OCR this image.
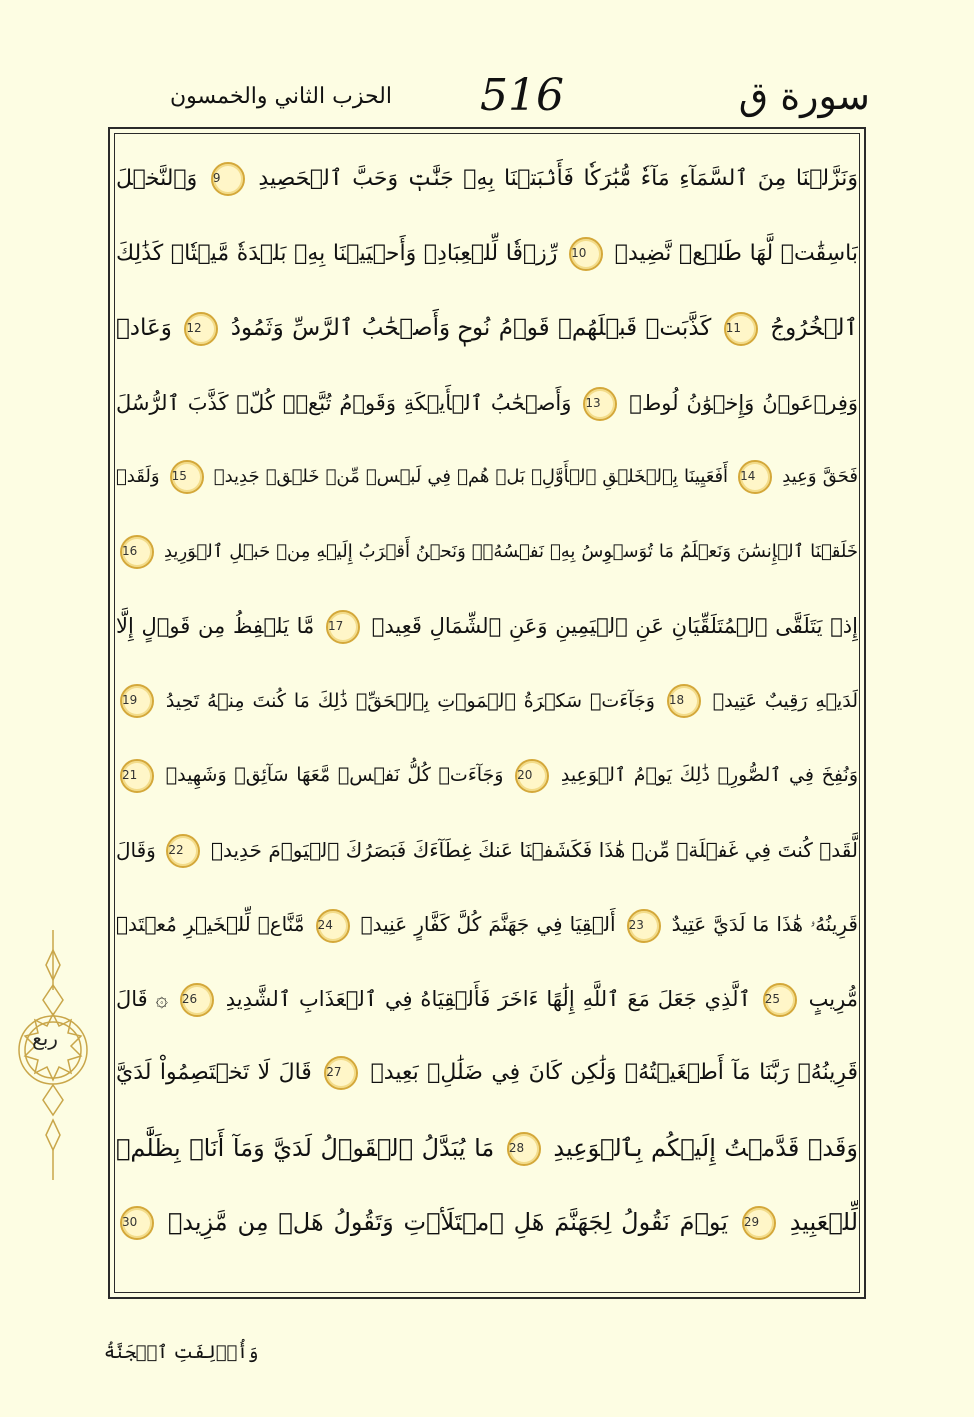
الحزب الثاني والخمسون 516	سورة ق
وَنَزَّلۡنَا مِنَ ٱلسَّمَآءِ مَآءٗ مُّبَٰرَكٗا فَأَنۢبَتۡنَا بِهِۦ جَنَّٰتٖ وَحَبَّ ٱلۡحَصِيدِ 9 وَٱلنَّخۡلَ
بَاسِقَٰتٖ لَّهَا طَلۡعٞ نَّضِيدٞ 10 رِّزۡقٗا لِّلۡعِبَادِۖ وَأَحۡيَيۡنَا بِهِۦ بَلۡدَةٗ مَّيۡتٗاۚ كَذَٰلِكَ
ٱلۡخُرُوجُ 11 كَذَّبَتۡ قَبۡلَهُمۡ قَوۡمُ نُوحٖ وَأَصۡحَٰبُ ٱلرَّسِّ وَثَمُودُ 12 وَعَادٞ
وَفِرۡعَوۡنُ وَإِخۡوَٰنُ لُوطٖ 13 وَأَصۡحَٰبُ ٱلۡأَيۡكَةِ وَقَوۡمُ تُبَّعٖۚ كُلّٞ كَذَّبَ ٱلرُّسُلَ
فَحَقَّ وَعِيدِ 14 أَفَعَيِينَا بِٱلۡخَلۡقِ ٱلۡأَوَّلِۚ بَلۡ هُمۡ فِي لَبۡسٖ مِّنۡ خَلۡقٖ جَدِيدٖ 15 وَلَقَدۡ
خَلَقۡنَا ٱلۡإِنسَٰنَ وَنَعۡلَمُ مَا تُوَسۡوِسُ بِهِۦ نَفۡسُهُۥۖ وَنَحۡنُ أَقۡرَبُ إِلَيۡهِ مِنۡ حَبۡلِ ٱلۡوَرِيدِ 16
إِذۡ يَتَلَقَّى ٱلۡمُتَلَقِّيَانِ عَنِ ٱلۡيَمِينِ وَعَنِ ٱلشِّمَالِ قَعِيدٞ 17 مَّا يَلۡفِظُ مِن قَوۡلٍ إِلَّا
لَدَيۡهِ رَقِيبٌ عَتِيدٞ 18 وَجَآءَتۡ سَكۡرَةُ ٱلۡمَوۡتِ بِٱلۡحَقِّۖ ذَٰلِكَ مَا كُنتَ مِنۡهُ تَحِيدُ 19
وَنُفِخَ فِي ٱلصُّورِۚ ذَٰلِكَ يَوۡمُ ٱلۡوَعِيدِ 20 وَجَآءَتۡ كُلُّ نَفۡسٖ مَّعَهَا سَآئِقٞ وَشَهِيدٞ 21
لَّقَدۡ كُنتَ فِي غَفۡلَةٖ مِّنۡ هَٰذَا فَكَشَفۡنَا عَنكَ غِطَآءَكَ فَبَصَرُكَ ٱلۡيَوۡمَ حَدِيدٞ 22 وَقَالَ
قَرِينُهُۥ هَٰذَا مَا لَدَيَّ عَتِيدٌ 23 أَلۡقِيَا فِي جَهَنَّمَ كُلَّ كَفَّارٍ عَنِيدٖ 24 مَّنَّاعٖ لِّلۡخَيۡرِ مُعۡتَدٖ
مُّرِيبٍ 25 ٱلَّذِي جَعَلَ مَعَ ٱللَّهِ إِلَٰهًا ءَاخَرَ فَأَلۡقِيَاهُ فِي ٱلۡعَذَابِ ٱلشَّدِيدِ 26 ۞ قَالَ
قَرِينُهُۥ رَبَّنَا مَآ أَطۡغَيۡتُهُۥ وَلَٰكِن كَانَ فِي ضَلَٰلِۭ بَعِيدٖ 27 قَالَ لَا تَخۡتَصِمُواْ لَدَيَّ
وَقَدۡ قَدَّمۡتُ إِلَيۡكُم بِٱلۡوَعِيدِ 28 مَا يُبَدَّلُ ٱلۡقَوۡلُ لَدَيَّ وَمَآ أَنَا۠ بِظَلَّٰمٖ
لِّلۡعَبِيدِ 29 يَوۡمَ نَقُولُ لِجَهَنَّمَ هَلِ ٱمۡتَلَأۡتِ وَتَقُولُ هَلۡ مِن مَّزِيدٖ 30
ربع
وَأُزۡلِفَتِ ٱلۡجَنَّةُ
